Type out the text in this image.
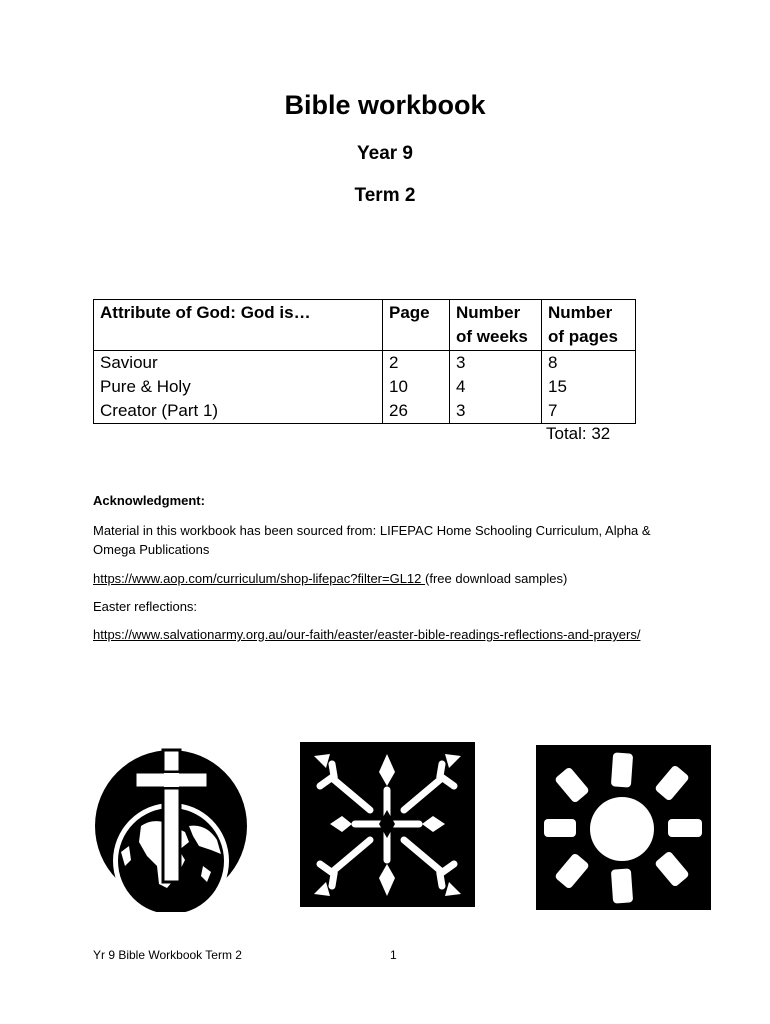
Bible workbook
Year 9
Term 2
Attribute of God: God is…	Page	Number of weeks	Number of pages
Saviour	2	3	8
Pure & Holy	10	4	15
Creator (Part 1)	26	3	7
Total: 32
Acknowledgment:
Material in this workbook has been sourced from: LIFEPAC Home Schooling Curriculum, Alpha & Omega Publications
https://www.aop.com/curriculum/shop-lifepac?filter=GL12 (free download samples)
Easter reflections:
https://www.salvationarmy.org.au/our-faith/easter/easter-bible-readings-reflections-and-prayers/
Yr 9 Bible Workbook Term 2	1
